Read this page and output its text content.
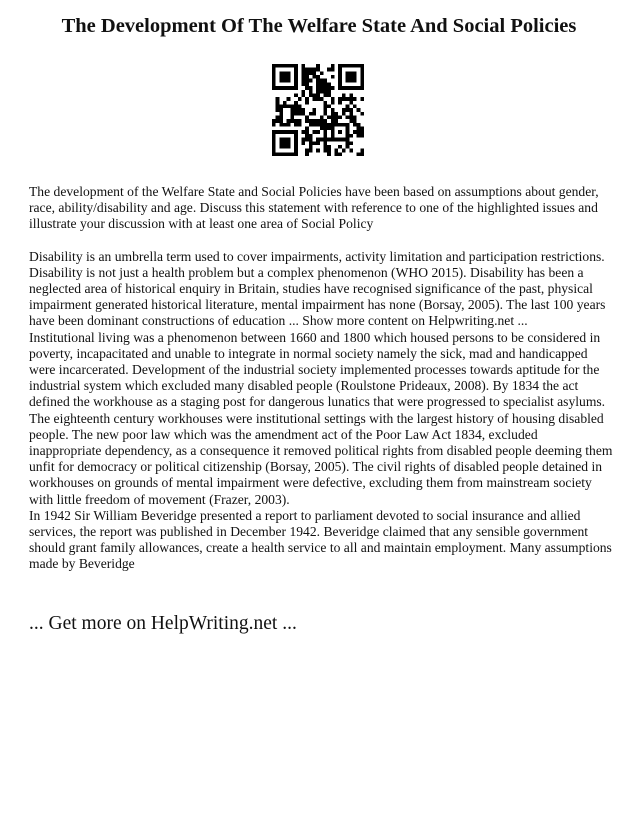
The Development Of The Welfare State And Social Policies

The development of the Welfare State and Social Policies have been based on assumptions about gender, race, ability/disability and age. Discuss this statement with reference to one of the highlighted issues and illustrate your discussion with at least one area of Social Policy

Disability is an umbrella term used to cover impairments, activity limitation and participation restrictions. Disability is not just a health problem but a complex phenomenon (WHO 2015). Disability has been a neglected area of historical enquiry in Britain, studies have recognised significance of the past, physical impairment generated historical literature, mental impairment has none (Borsay, 2005). The last 100 years have been dominant constructions of education ... Show more content on Helpwriting.net ...

Institutional living was a phenomenon between 1660 and 1800 which housed persons to be considered in poverty, incapacitated and unable to integrate in normal society namely the sick, mad and handicapped were incarcerated. Development of the industrial society implemented processes towards aptitude for the industrial system which excluded many disabled people (Roulstone Prideaux, 2008). By 1834 the act defined the workhouse as a staging post for dangerous lunatics that were progressed to specialist asylums. The eighteenth century workhouses were institutional settings with the largest history of housing disabled people. The new poor law which was the amendment act of the Poor Law Act 1834, excluded inappropriate dependency, as a consequence it removed political rights from disabled people deeming them unfit for democracy or political citizenship (Borsay, 2005). The civil rights of disabled people detained in workhouses on grounds of mental impairment were defective, excluding them from mainstream society with little freedom of movement (Frazer, 2003).

In 1942 Sir William Beveridge presented a report to parliament devoted to social insurance and allied services, the report was published in December 1942. Beveridge claimed that any sensible government should grant family allowances, create a health service to all and maintain employment. Many assumptions made by Beveridge

... Get more on HelpWriting.net ...
